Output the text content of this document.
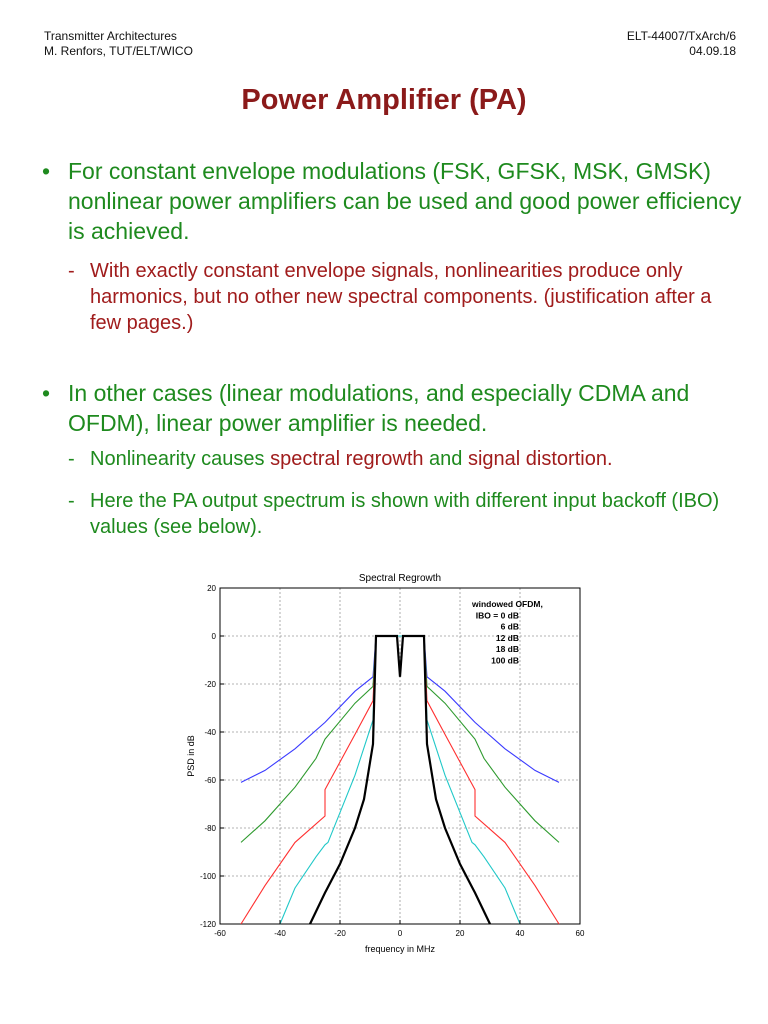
Transmitter Architectures
M. Renfors, TUT/ELT/WICO
ELT-44007/TxArch/6
04.09.18
Power Amplifier (PA)
• For constant envelope modulations (FSK, GFSK, MSK, GMSK) nonlinear power amplifiers can be used and good power efficiency is achieved.
- With exactly constant envelope signals, nonlinearities produce only harmonics, but no other new spectral components. (justification after a few pages.)
• In other cases (linear modulations, and especially CDMA and OFDM), linear power amplifier is needed.
- Nonlinearity causes spectral regrowth and signal distortion.
- Here the PA output spectrum is shown with different input backoff (IBO) values (see below).
-60	-40	-20	0	20	40	60
20
0
-20
-40
-60
-80
-100
-120
Spectral Regrowth
frequency in MHz
PSD in dB
windowed OFDM,
IBO = 0 dB
6 dB
12 dB
18 dB
100 dB
